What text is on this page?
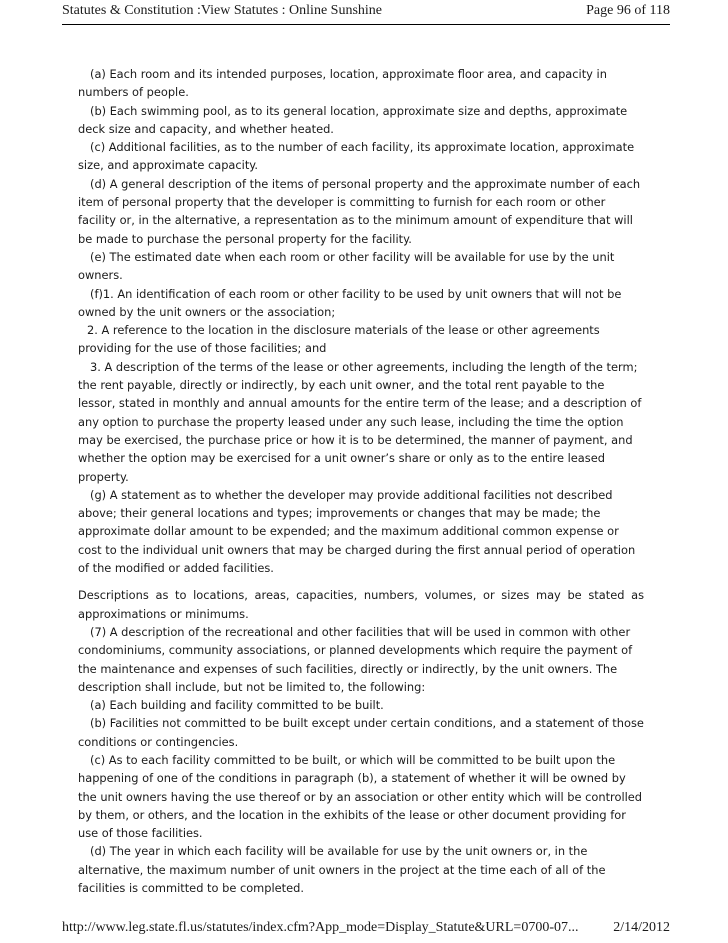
Statutes & Constitution :View Statutes : Online Sunshine	Page 96 of 118

(a) Each room and its intended purposes, location, approximate floor area, and capacity in numbers of people.

(b) Each swimming pool, as to its general location, approximate size and depths, approximate deck size and capacity, and whether heated.

(c) Additional facilities, as to the number of each facility, its approximate location, approximate size, and approximate capacity.

(d) A general description of the items of personal property and the approximate number of each item of personal property that the developer is committing to furnish for each room or other facility or, in the alternative, a representation as to the minimum amount of expenditure that will be made to purchase the personal property for the facility.

(e) The estimated date when each room or other facility will be available for use by the unit owners.

(f)1. An identification of each room or other facility to be used by unit owners that will not be owned by the unit owners or the association;

2. A reference to the location in the disclosure materials of the lease or other agreements providing for the use of those facilities; and

3. A description of the terms of the lease or other agreements, including the length of the term; the rent payable, directly or indirectly, by each unit owner, and the total rent payable to the lessor, stated in monthly and annual amounts for the entire term of the lease; and a description of any option to purchase the property leased under any such lease, including the time the option may be exercised, the purchase price or how it is to be determined, the manner of payment, and whether the option may be exercised for a unit owner’s share or only as to the entire leased property.

(g) A statement as to whether the developer may provide additional facilities not described above; their general locations and types; improvements or changes that may be made; the approximate dollar amount to be expended; and the maximum additional common expense or cost to the individual unit owners that may be charged during the first annual period of operation of the modified or added facilities.

Descriptions as to locations, areas, capacities, numbers, volumes, or sizes may be stated as approximations or minimums.

(7) A description of the recreational and other facilities that will be used in common with other condominiums, community associations, or planned developments which require the payment of the maintenance and expenses of such facilities, directly or indirectly, by the unit owners. The description shall include, but not be limited to, the following:

(a) Each building and facility committed to be built.

(b) Facilities not committed to be built except under certain conditions, and a statement of those conditions or contingencies.

(c) As to each facility committed to be built, or which will be committed to be built upon the happening of one of the conditions in paragraph (b), a statement of whether it will be owned by the unit owners having the use thereof or by an association or other entity which will be controlled by them, or others, and the location in the exhibits of the lease or other document providing for use of those facilities.

(d) The year in which each facility will be available for use by the unit owners or, in the alternative, the maximum number of unit owners in the project at the time each of all of the facilities is committed to be completed.

http://www.leg.state.fl.us/statutes/index.cfm?App_mode=Display_Statute&URL=0700-07... 2/14/2012
